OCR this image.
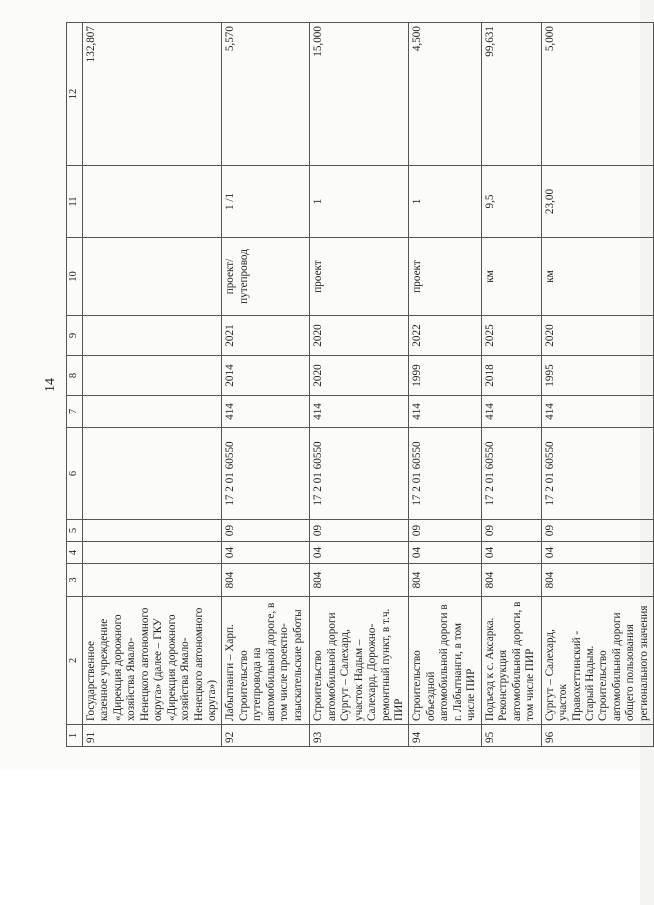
14
1	2	3	4	5	6	7	8	9	10	11	12
91	Государственное казенное учреждение «Дирекция дорожного хозяйства Ямало-Ненецкого автономного округа» (далее – ГКУ «Дирекция дорожного хозяйства Ямало-Ненецкого автономного округа»)										132,807
92	Лабытнанги – Харп. Строительство путепровода на автомобильной дороге, в том числе проектно-изыскательские работы	804	04	09	17 2 01 60550	414	2014	2021	проект/ путепровод	1 /1	5,570
93	Строительство автомобильной дороги Сургут – Салехард, участок Надым – Салехард. Дорожно-ремонтный пункт, в т.ч. ПИР	804	04	09	17 2 01 60550	414	2020	2020	проект	1	15,000
94	Строительство объездной автомобильной дороги в г. Лабытнанги, в том числе ПИР	804	04	09	17 2 01 60550	414	1999	2022	проект	1	4,500
95	Подъезд к с. Аксарка. Реконструкция автомобильной дороги, в том числе ПИР	804	04	09	17 2 01 60550	414	2018	2025	км	9,5	99,631
96	Сургут – Салехард, участок Правохеттинский - Старый Надым. Строительство автомобильной дороги общего пользования регионального значения	804	04	09	17 2 01 60550	414	1995	2020	км	23,00	5,000
